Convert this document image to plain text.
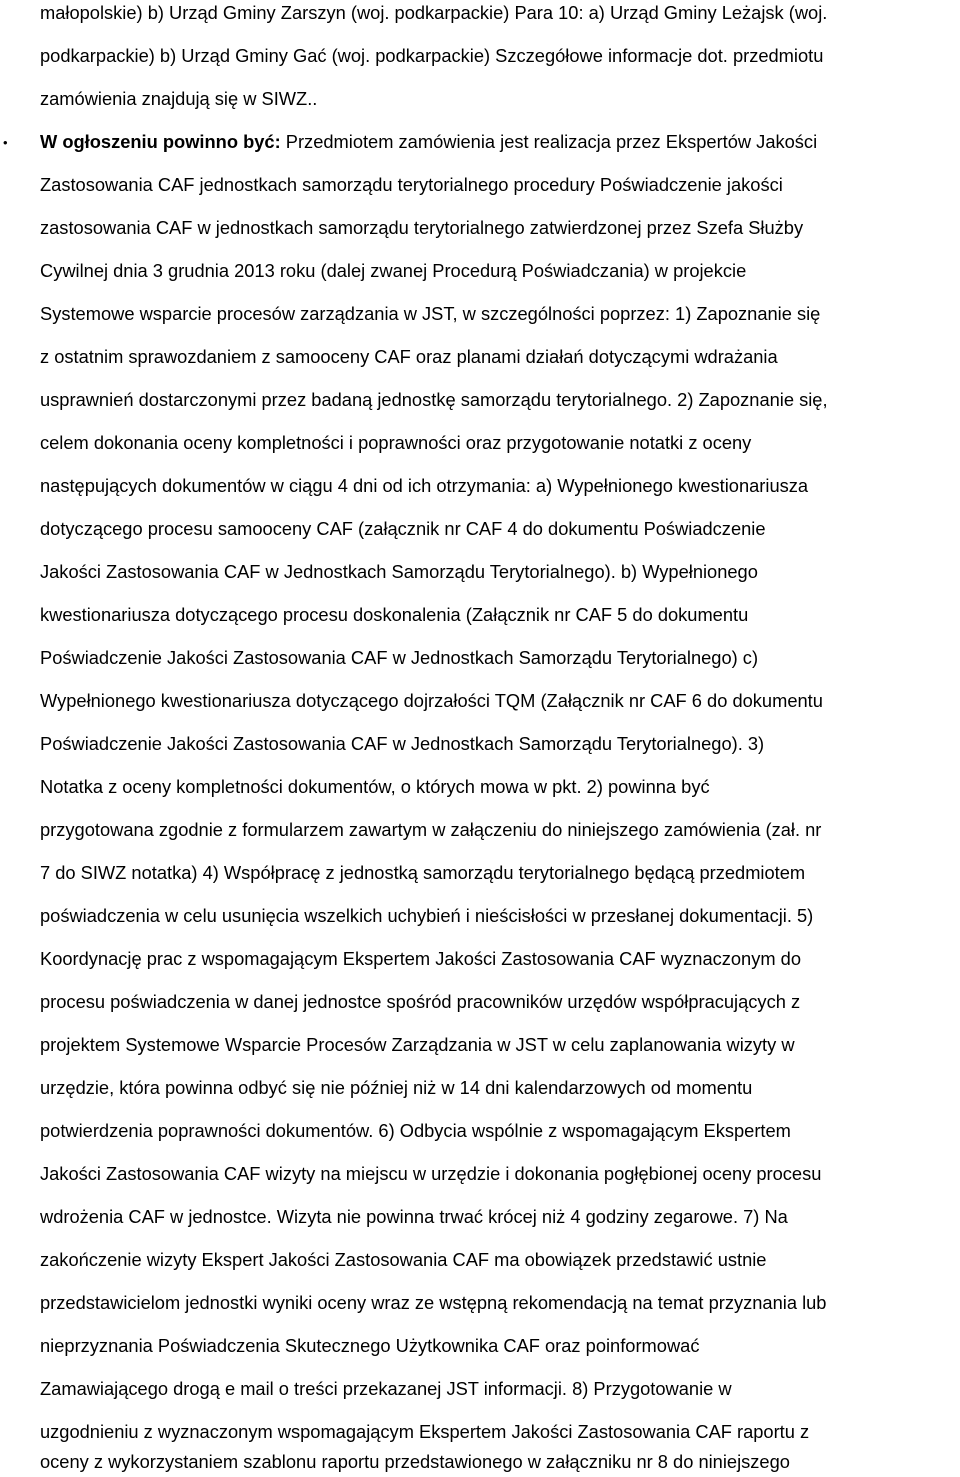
małopolskie) b) Urząd Gminy Zarszyn (woj. podkarpackie) Para 10: a) Urząd Gminy Leżajsk (woj.
podkarpackie) b) Urząd Gminy Gać (woj. podkarpackie) Szczegółowe informacje dot. przedmiotu
zamówienia znajdują się w SIWZ..
• W ogłoszeniu powinno być: Przedmiotem zamówienia jest realizacja przez Ekspertów Jakości
Zastosowania CAF jednostkach samorządu terytorialnego procedury Poświadczenie jakości
zastosowania CAF w jednostkach samorządu terytorialnego zatwierdzonej przez Szefa Służby
Cywilnej dnia 3 grudnia 2013 roku (dalej zwanej Procedurą Poświadczania) w projekcie
Systemowe wsparcie procesów zarządzania w JST, w szczególności poprzez: 1) Zapoznanie się
z ostatnim sprawozdaniem z samooceny CAF oraz planami działań dotyczącymi wdrażania
usprawnień dostarczonymi przez badaną jednostkę samorządu terytorialnego. 2) Zapoznanie się,
celem dokonania oceny kompletności i poprawności oraz przygotowanie notatki z oceny
następujących dokumentów w ciągu 4 dni od ich otrzymania: a) Wypełnionego kwestionariusza
dotyczącego procesu samooceny CAF (załącznik nr CAF 4 do dokumentu Poświadczenie
Jakości Zastosowania CAF w Jednostkach Samorządu Terytorialnego). b) Wypełnionego
kwestionariusza dotyczącego procesu doskonalenia (Załącznik nr CAF 5 do dokumentu
Poświadczenie Jakości Zastosowania CAF w Jednostkach Samorządu Terytorialnego) c)
Wypełnionego kwestionariusza dotyczącego dojrzałości TQM (Załącznik nr CAF 6 do dokumentu
Poświadczenie Jakości Zastosowania CAF w Jednostkach Samorządu Terytorialnego). 3)
Notatka z oceny kompletności dokumentów, o których mowa w pkt. 2) powinna być
przygotowana zgodnie z formularzem zawartym w załączeniu do niniejszego zamówienia (zał. nr
7 do SIWZ notatka) 4) Współpracę z jednostką samorządu terytorialnego będącą przedmiotem
poświadczenia w celu usunięcia wszelkich uchybień i nieścisłości w przesłanej dokumentacji. 5)
Koordynację prac z wspomagającym Ekspertem Jakości Zastosowania CAF wyznaczonym do
procesu poświadczenia w danej jednostce spośród pracowników urzędów współpracujących z
projektem Systemowe Wsparcie Procesów Zarządzania w JST w celu zaplanowania wizyty w
urzędzie, która powinna odbyć się nie później niż w 14 dni kalendarzowych od momentu
potwierdzenia poprawności dokumentów. 6) Odbycia wspólnie z wspomagającym Ekspertem
Jakości Zastosowania CAF wizyty na miejscu w urzędzie i dokonania pogłębionej oceny procesu
wdrożenia CAF w jednostce. Wizyta nie powinna trwać krócej niż 4 godziny zegarowe. 7) Na
zakończenie wizyty Ekspert Jakości Zastosowania CAF ma obowiązek przedstawić ustnie
przedstawicielom jednostki wyniki oceny wraz ze wstępną rekomendacją na temat przyznania lub
nieprzyznania Poświadczenia Skutecznego Użytkownika CAF oraz poinformować
Zamawiającego drogą e mail o treści przekazanej JST informacji. 8) Przygotowanie w
uzgodnieniu z wyznaczonym wspomagającym Ekspertem Jakości Zastosowania CAF raportu z
oceny z wykorzystaniem szablonu raportu przedstawionego w załączniku nr 8 do niniejszego
